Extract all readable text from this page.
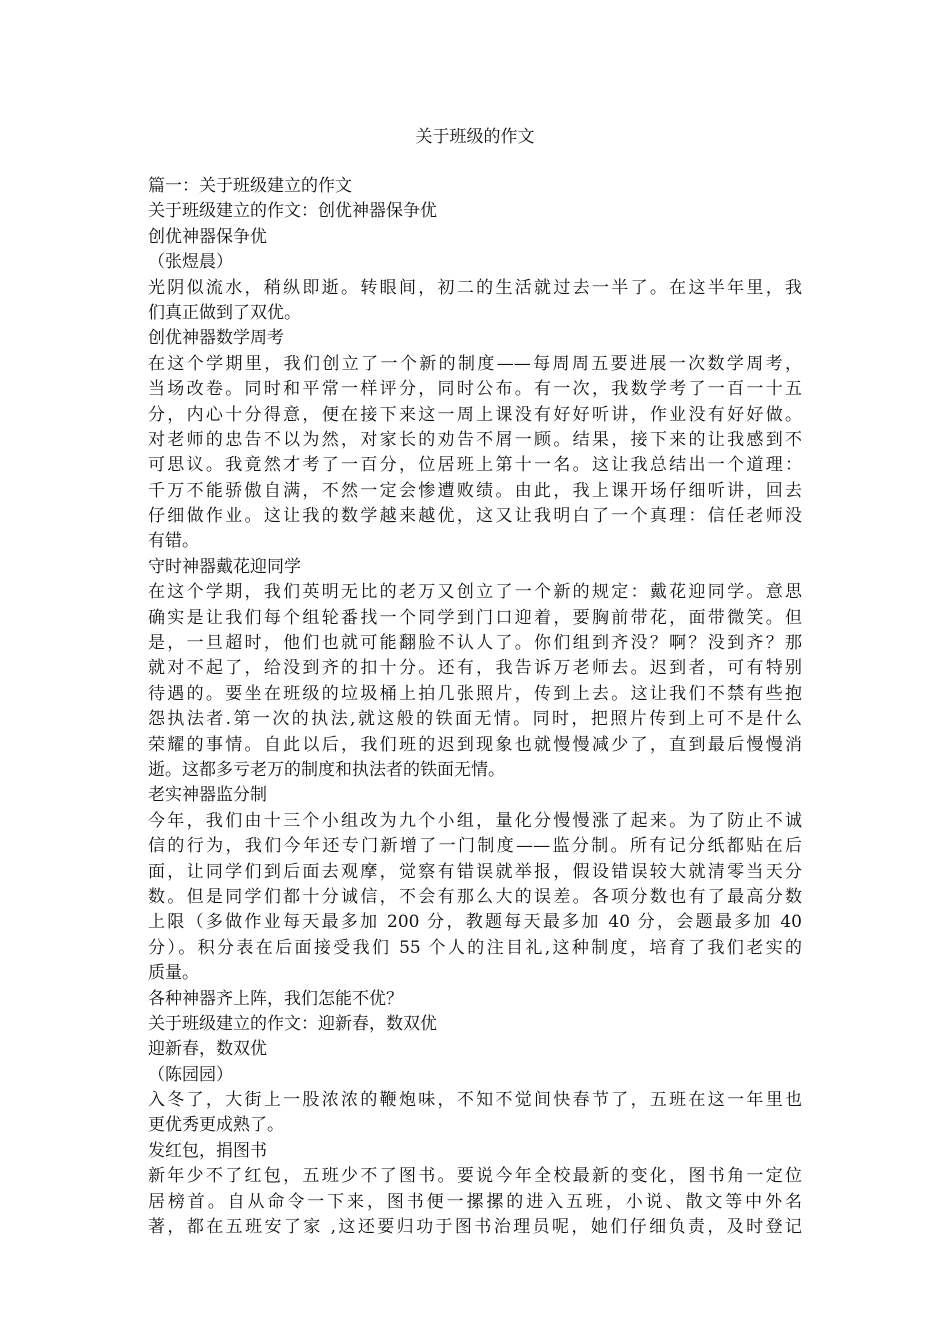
关于班级的作文
篇一：关于班级建立的作文
关于班级建立的作文：创优神器保争优
创优神器保争优
（张煜晨）
光阴似流水，稍纵即逝。转眼间，初二的生活就过去一半了。在这半年里，我
们真正做到了双优。
创优神器数学周考
在这个学期里，我们创立了一个新的制度——每周周五要进展一次数学周考，
当场改卷。同时和平常一样评分，同时公布。有一次，我数学考了一百一十五
分，内心十分得意，便在接下来这一周上课没有好好听讲，作业没有好好做。
对老师的忠告不以为然，对家长的劝告不屑一顾。结果，接下来的让我感到不
可思议。我竟然才考了一百分，位居班上第十一名。这让我总结出一个道理：
千万不能骄傲自满，不然一定会惨遭败绩。由此，我上课开场仔细听讲，回去
仔细做作业。这让我的数学越来越优，这又让我明白了一个真理：信任老师没
有错。
守时神器戴花迎同学
在这个学期，我们英明无比的老万又创立了一个新的规定：戴花迎同学。意思
确实是让我们每个组轮番找一个同学到门口迎着，要胸前带花，面带微笑。但
是，一旦超时，他们也就可能翻脸不认人了。你们组到齐没？啊？没到齐？那
就对不起了，给没到齐的扣十分。还有，我告诉万老师去。迟到者，可有特别
待遇的。要坐在班级的垃圾桶上拍几张照片，传到上去。这让我们不禁有些抱
怨执法者.第一次的执法,就这般的铁面无情。同时，把照片传到上可不是什么
荣耀的事情。自此以后，我们班的迟到现象也就慢慢减少了，直到最后慢慢消
逝。这都多亏老万的制度和执法者的铁面无情。
老实神器监分制
今年，我们由十三个小组改为九个小组，量化分慢慢涨了起来。为了防止不诚
信的行为，我们今年还专门新增了一门制度——监分制。所有记分纸都贴在后
面，让同学们到后面去观摩，觉察有错误就举报，假设错误较大就清零当天分
数。但是同学们都十分诚信，不会有那么大的误差。各项分数也有了最高分数
上限（多做作业每天最多加 200 分，教题每天最多加 40 分，会题最多加 40
分）。积分表在后面接受我们 55 个人的注目礼,这种制度，培育了我们老实的
质量。
各种神器齐上阵，我们怎能不优？
关于班级建立的作文：迎新春，数双优
迎新春，数双优
（陈园园）
入冬了，大街上一股浓浓的鞭炮味，不知不觉间快春节了，五班在这一年里也
更优秀更成熟了。
发红包，捐图书
新年少不了红包，五班少不了图书。要说今年全校最新的变化，图书角一定位
居榜首。自从命令一下来，图书便一摞摞的进入五班，小说、散文等中外名
著，都在五班安了家 ,这还要归功于图书治理员呢，她们仔细负责，及时登记
